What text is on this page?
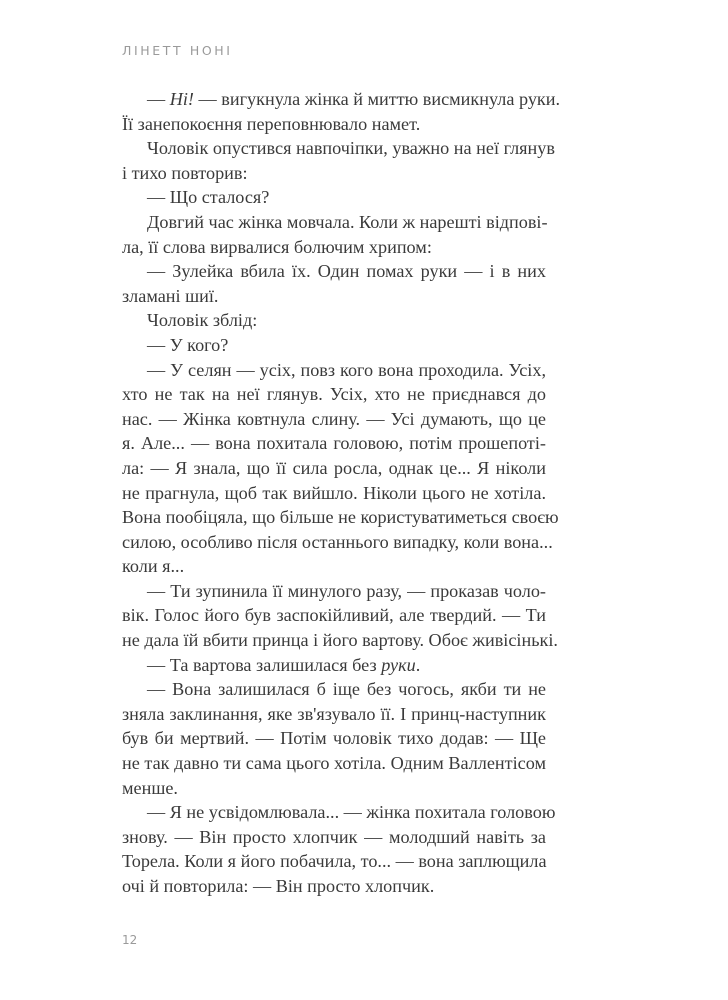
ЛІНЕТТ НОНІ
— Ні! — вигукнула жінка й миттю висмикнула руки.
Її занепокоєння переповнювало намет.
Чоловік опустився навпочіпки, уважно на неї глянув
і тихо повторив:
— Що сталося?
Довгий час жінка мовчала. Коли ж нарешті відпові-
ла, її слова вирвалися болючим хрипом:
— Зулейка вбила їх. Один помах руки — і в них
зламані шиї.
Чоловік зблід:
— У кого?
— У селян — усіх, повз кого вона проходила. Усіх,
хто не так на неї глянув. Усіх, хто не приєднався до
нас. — Жінка ковтнула слину. — Усі думають, що це
я. Але... — вона похитала головою, потім прошепоті-
ла: — Я знала, що її сила росла, однак це... Я ніколи
не прагнула, щоб так вийшло. Ніколи цього не хотіла.
Вона пообіцяла, що більше не користуватиметься своєю
силою, особливо після останнього випадку, коли вона...
коли я...
— Ти зупинила її минулого разу, — проказав чоло-
вік. Голос його був заспокійливий, але твердий. — Ти
не дала їй вбити принца і його вартову. Обоє живісінькі.
— Та вартова залишилася без руки.
— Вона залишилася б іще без чогось, якби ти не
зняла заклинання, яке зв'язувало її. І принц-наступник
був би мертвий. — Потім чоловік тихо додав: — Ще
не так давно ти сама цього хотіла. Одним Валлентісом
менше.
— Я не усвідомлювала... — жінка похитала головою
знову. — Він просто хлопчик — молодший навіть за
Торела. Коли я його побачила, то... — вона заплющила
очі й повторила: — Він просто хлопчик.
12
